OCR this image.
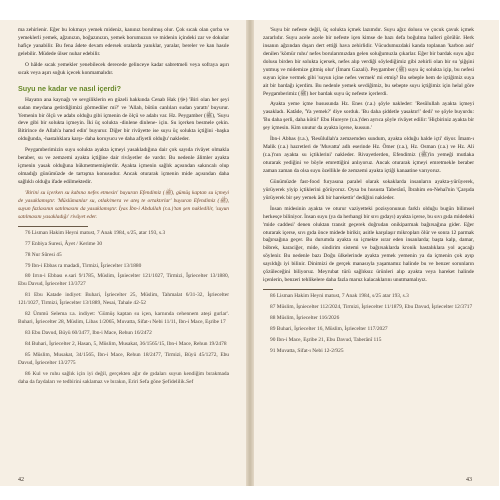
ma zehirlenir. Eğer bu lokmayı yemek mideniz, kanınız borulmuş olur. Çok sıcak olan çorba ve yemeklerli yemek, ağzınızın, boğazınızın, yemek borumuzun ve midenin içindeki zar ve dokular hafiçe yanabilir. Bu fena âdete devam edersek oralarda yanıklar, yaralar, bereler ve kan hasıle gelebilir. Müdede ülser nuhar edebilir.

O hâlde sıcak yemekler yenebilecek derecede gelinceye kadar sabretmeli veya sofraya aşırı sıcak veya aşırı soğuk içecek konmamalıdır.

Suyu ne kadar ve nasıl içerdi?

Hayatın ana kaynağı ve sevgiliklerin en güzeli hakkında Cenab Hak (ﷻ) 'Biri olan her şeyi sudan meydana getirdiğimizi görmediler mi?' ve 'Allah, bütün canlıları sudan yarattı' buyurur. Yemenin bir ölçü ve adabı olduğu gibi içmenin de ölçü ve adabı var. Hz. Peygamber (ﷺ), 'Suyu deve gibi bir solukta içmeyin. İki üç solukta -dinlene dinlene- için. Su içerken besmele çekin. Bitirince de Allah'a hamd edin' buyurur. Diğer bir rivâyette ise suyu üç solukta içtiğini -başka olduğunda, -hastalıklara karşı- daha koruyucu ve daha afiyetli olduğu' nakleder.

Peygamberimizin suyu solukta ayakta içmeyi yasakladığına dair çok sayıda rivâyet olmakla beraber, su ve zemzemi ayakta içtiğine dair rivâyetler de vardır. Bu nedenle âlimler ayakta içmenin yasak olduğuna hükmetmemişlerdir. Ayakta içmenin sağlık açısından sakıncalı olup olmadığı günümüzde de tartışma konusudur. Ancak oturarak içmenin mide açısından daha sağlıklı olduğu ifade edilmektedir.

'Birini su içerken su kabına nefes etmesin' buyuran Efendimiz (ﷺ), gümüş kaptan su içmeyi de yasaklamıştır. 'Müslümanlar su, otlak/mera ve ateş te ortaktırlar' buyuran Efendimiz (ﷺ), suyun fazlasının satılmasını da yasaklamıştır. İyas İbn-i Abdullah (r.a.)'tan şen nakledilir, 'suyun satılmasını yasakladığı' rivâyet eder.

76 Lisman Hakim Heyni matust, 7 Anak 1984, s/25, atar 193, s.3

77 Enbiya Suresi, Âyet / Kerime 30

78 Nur Sûresi 45

79 Ibn-i Ebbas ra madadi, Tirmizi, Îşriecelter 13/1880

80 Irrın-i Ebbası e.sari 9/1785, Müslim, İşniecelter 121/1027, Tirmizi, Îşriecelter 13/1880, Ebu Davud, İşriecelter 13/3727

81 Ebu Katade indiyet: Buhari, İşriecelter 25, Müslim, Tahmalat 6/31-32, İşriecelter 121/1027, Tirmizi, Îşriecelter 13/1889, Nesai, Tahale 42-52

82 Ümmü Selema r.a. indiyet: 'Gümüş kaptan su içen, karnında cehennem ateşi gurlar'. Buhari, İşriecelter 28, Müslim, Libas 1/2065, Muvatta, Sifat-ı Nebi 11/11, Ibn-i Mace, Eşribe 17

83 Ebu Davud, Büyü 60/3477, Ibn-i Mace, Rehun 16/2472

84 Buhari, İşriecelter 2, Hasan, 5, Müslim, Musakat, 36/1565/15, Ibn-i Mace, Rehun 19/2478

85 Müslim, Musakat, 34/1565, Ibn-i Mace, Rehun 18/2477, Tirmizi, Büyü 45/1272, Ebu Davud, İşriecelter 13/2775

86 Kul ve ruhu sağlık için iyi değil, gerçekten ağır de gıdaları suyun kendiğim bırakmada daha da faydaları ve tedbirini saklamaz ve bırakın, Eriri Sefa göne Şefidelilik.Sef

'Suyu bir nefeste değil, üç solukta içmek lazımdır. Suyu ağız dolusu ve çocuk çavuk içmek zararlıdır. Suyu acele acele bir nefeste içen kimse de bazı defa boğulma halleri görülür. Herk insanın ağzından dışarı dert ettiği hava zehirlidir. Vücudumuzdaki kanda toplanan 'karbon asit' denilen 'kömür ruhu' nefes borularımızdan gelen soluğumuzla çıkarlar. Eğer bir bardak suyu ağız dolusu birden bir solukta içersek, nefes alıp verdiği söylediğimiz gibi zehirli olan bir su 'şiğşini yutmuş ve midemize gitmiş olur' (İmam Gazali). Peygamber (ﷺ) suyu üç solukta içip, bu nefesi suyun içine vermek gibi 'suyun içine nefes vermek' mi etmiş? Bu sebeple hem de içtiğimiz suya ait bir bardağı içerdim. Bu nedenle yemek sevdiğimiz, bu sebepte suyu içtiğimiz için helal göre Peygamberimiz (ﷺ) her bardak suyu üç nefeste içerlerdi.

Ayakta yeme içme hususunda Hz. Enes (r.a.) şöyle nakleder: 'Resûlullah ayakta içmeyi yasakladı. Katâde, 'Ya yemek?' diye sorduk. 'Bu daha şiddetle yasaktır!' dedi' ve şöyle buyurdu: 'Bu daha şerli, daha kötü!' Ebu Hureyre (r.a.)'den ayrıca şöyle rivâyet edilir: 'Hiçbiriniz ayakta bir şey içmesin. Kim unutur da ayakta içerse, kussun.'

İbn-i Abbas (r.a.), 'Resûlullah'a zemzemden sundum, ayakta olduğu halde içti' diyor. İmam-ı Malik (r.a.) hazretleri de 'Muvatta' adlı eserinde Hz. Ömer (r.a.), Hz. Osman (r.a.) ve Hz. Ali (r.a.)'nın ayakta su içtiklerini' nakleder. Rivayetlerden, Efendimiz (ﷺ)'in yemeği mutlaka oturarak yediğini ve böyle emrettiğini anlıyoruz. Ancak oturarak içmeyi emretmekle beraber zaman zaman da olsa suyu özellikle de zemzemi ayakta içtiği kanaatine varıyoruz.

Günümüzde fast-food furyasına paralel olarak sokaklarda insanların ayakta-yürüyerek, yürüyerek yiyip içtiklerini görüyoruz. Oysa bu hususta Taberânî, İbrahim en-Nehaî'nin 'Çarşıda yürüyerek bir şey yemek âdi bir harekettir' dediğini nakleder.

İnsan midesinin ayakta ve oturur vaziyetteki pozisyonunun farklı olduğu bugün bilimsel herkesçe biliniyor. İnsan suyu (ya da herhangi bir sıvı gıdayı) ayakta içerse, bu sıvı gıda midedeki 'mide caddesi' denen oluktan transit geçerek doğrudan onikiparmak bağırsağına gider. Eğer oturarak içerse, sıvı gıda önce midede birikir, asitle karşılaşır mikropları ölür ve sonra 12 parmak bağırsağına geçer. Bu durumda ayakta su içmekte ısrar eden insanlarda; başta kalp, damar, böbrek, karaciğer, mide, sindirim sistemi ve bağırsaklarda kronik hastalıklara yol açacağı söylenir. Bu nedenle bazı Doğu ülkelerinde ayakta yemek yemenin ya da içmenin çok ayıp sayıldığı iyi bilinir. Dinimizi de gerçek manasıyla yaşamamız halinde bu ve benzer sorunların çözüleceğini biliyoruz. Meyrubat türü sağlıksız ürünleri alıp ayakta veya hareket halinde içenlerin, benzeri tehlikelere daha fazla maruz kalacaklarını unutmamalıyız.

86 Lisman Hakim Heyni matust, 7 Anak 1984, s/25 atar 193, s.3

87 Müslim, İşniecelter 112/2024, Tirmizi, İşriecelter 11/1879, Ebu Davud, İşriecelter 12/3717

88 Müslim, İşriecelter 116/2026

89 Buhari, İşriecelter 16, Müslim, İşriecelter 117/2027

90 Ibn-i Mace, Eşribe 21, Ebu Davud, Taberânî 115

91 Muvatta, Sifat-ı Nebi 12-2/925

42	43
